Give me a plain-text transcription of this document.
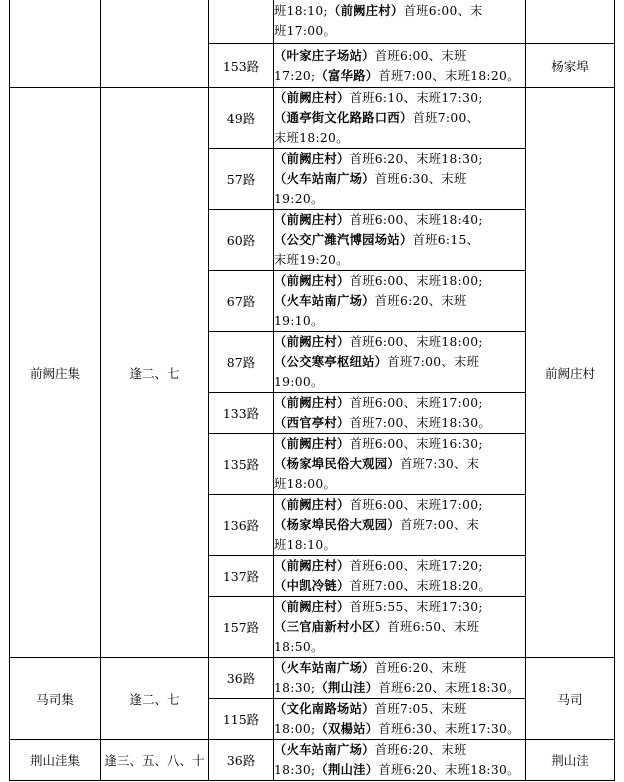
			班18:10;（前阙庄村）首班6:00、末
班17:00。	

		153路	（叶家庄子场站）首班6:00、末班
17:20;（富华路）首班7:00、末班18:20。	杨家埠
前阙庄集	逢二、七	49路	（前阙庄村）首班6:10、末班17:30;
（通亭街文化路路口西）首班7:00、
末班18:20。	前阙庄村
		57路	（前阙庄村）首班6:20、末班18:30;
（火车站南广场）首班6:30、末班
19:20。	

		60路	（前阙庄村）首班6:00、末班18:40;
（公交广潍汽博园场站）首班6:15、
末班19:20。	

		67路	（前阙庄村）首班6:00、末班18:00;
（火车站南广场）首班6:20、末班
19:10。	

		87路	（前阙庄村）首班6:00、末班18:00;
（公交寒亭枢纽站）首班7:00、末班
19:00。	

		133路	（前阙庄村）首班6:00、末班17:00;
（西官亭村）首班7:00、末班18:30。	

		135路	（前阙庄村）首班6:00、末班16:30;
（杨家埠民俗大观园）首班7:30、末
班18:00。	

		136路	（前阙庄村）首班6:00、末班17:00;
（杨家埠民俗大观园）首班7:00、末
班18:10。	

		137路	（前阙庄村）首班6:00、末班17:20;
（中凯冷链）首班7:00、末班18:20。	

		157路	（前阙庄村）首班5:55、末班17:30;
（三官庙新村小区）首班6:50、末班
18:50。	

马司集	逢二、七	36路	（火车站南广场）首班6:20、末班
18:30;（荆山洼）首班6:20、末班18:30。	马司
		115路	（文化南路场站）首班7:05、末班
18:00;（双楊站）首班6:30、末班17:30。	

荆山洼集	逢三、五、八、十	36路	（火车站南广场）首班6:20、末班
18:30;（荆山洼）首班6:20、末班18:30。	荆山洼
